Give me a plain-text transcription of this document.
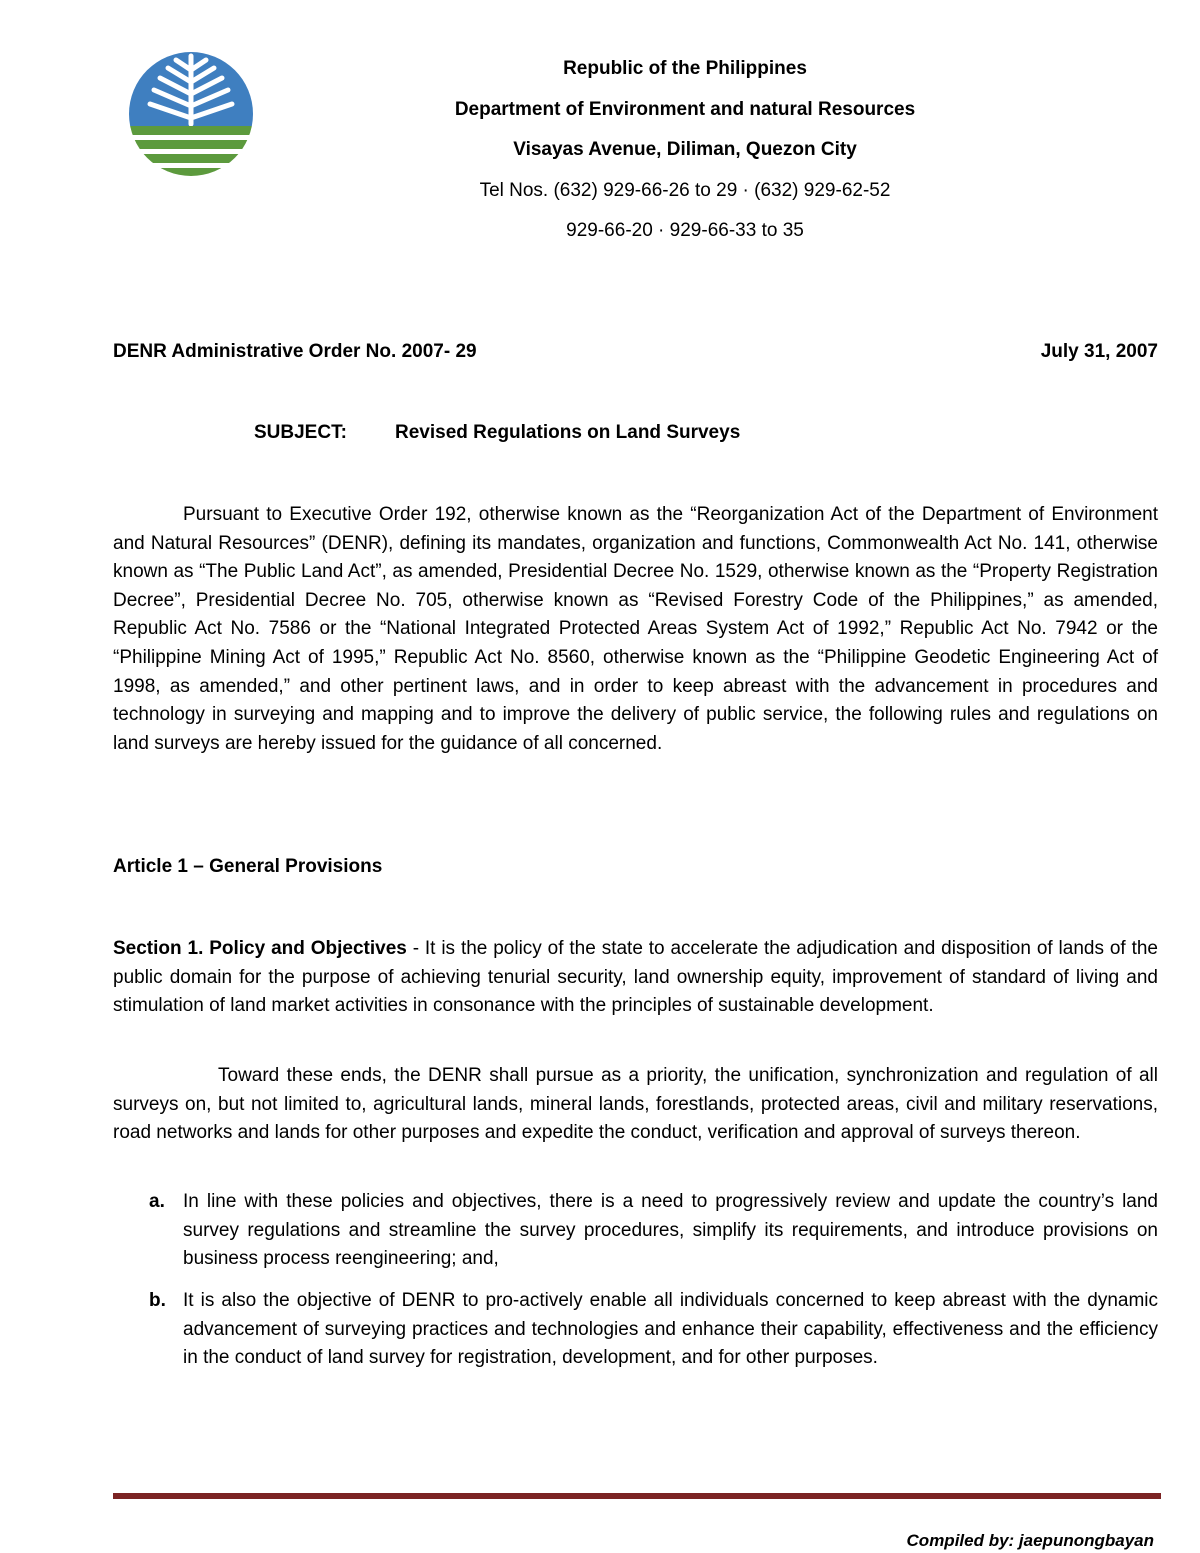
Republic of the Philippines
Department of Environment and natural Resources
Visayas Avenue, Diliman, Quezon City
Tel Nos. (632) 929-66-26 to 29 · (632) 929-62-52
929-66-20 · 929-66-33 to 35
DENR Administrative Order No. 2007- 29	July 31, 2007
SUBJECT:	Revised Regulations on Land Surveys

Pursuant to Executive Order 192, otherwise known as the “Reorganization Act of the Department of Environment and Natural Resources” (DENR), defining its mandates, organization and functions, Commonwealth Act No. 141, otherwise known as “The Public Land Act”, as amended, Presidential Decree No. 1529, otherwise known as the “Property Registration Decree”, Presidential Decree No. 705, otherwise known as “Revised Forestry Code of the Philippines,” as amended, Republic Act No. 7586 or the “National Integrated Protected Areas System Act of 1992,” Republic Act No. 7942 or the “Philippine Mining Act of 1995,” Republic Act No. 8560, otherwise known as the “Philippine Geodetic Engineering Act of 1998, as amended,” and other pertinent laws, and in order to keep abreast with the advancement in procedures and technology in surveying and mapping and to improve the delivery of public service, the following rules and regulations on land surveys are hereby issued for the guidance of all concerned.

Article 1 – General Provisions

Section 1. Policy and Objectives - It is the policy of the state to accelerate the adjudication and disposition of lands of the public domain for the purpose of achieving tenurial security, land ownership equity, improvement of standard of living and stimulation of land market activities in consonance with the principles of sustainable development.

Toward these ends, the DENR shall pursue as a priority, the unification, synchronization and regulation of all surveys on, but not limited to, agricultural lands, mineral lands, forestlands, protected areas, civil and military reservations, road networks and lands for other purposes and expedite the conduct, verification and approval of surveys thereon.

a. In line with these policies and objectives, there is a need to progressively review and update the country’s land survey regulations and streamline the survey procedures, simplify its requirements, and introduce provisions on business process reengineering; and,
b. It is also the objective of DENR to pro-actively enable all individuals concerned to keep abreast with the dynamic advancement of surveying practices and technologies and enhance their capability, effectiveness and the efficiency in the conduct of land survey for registration, development, and for other purposes.
Compiled by: jaepunongbayan
